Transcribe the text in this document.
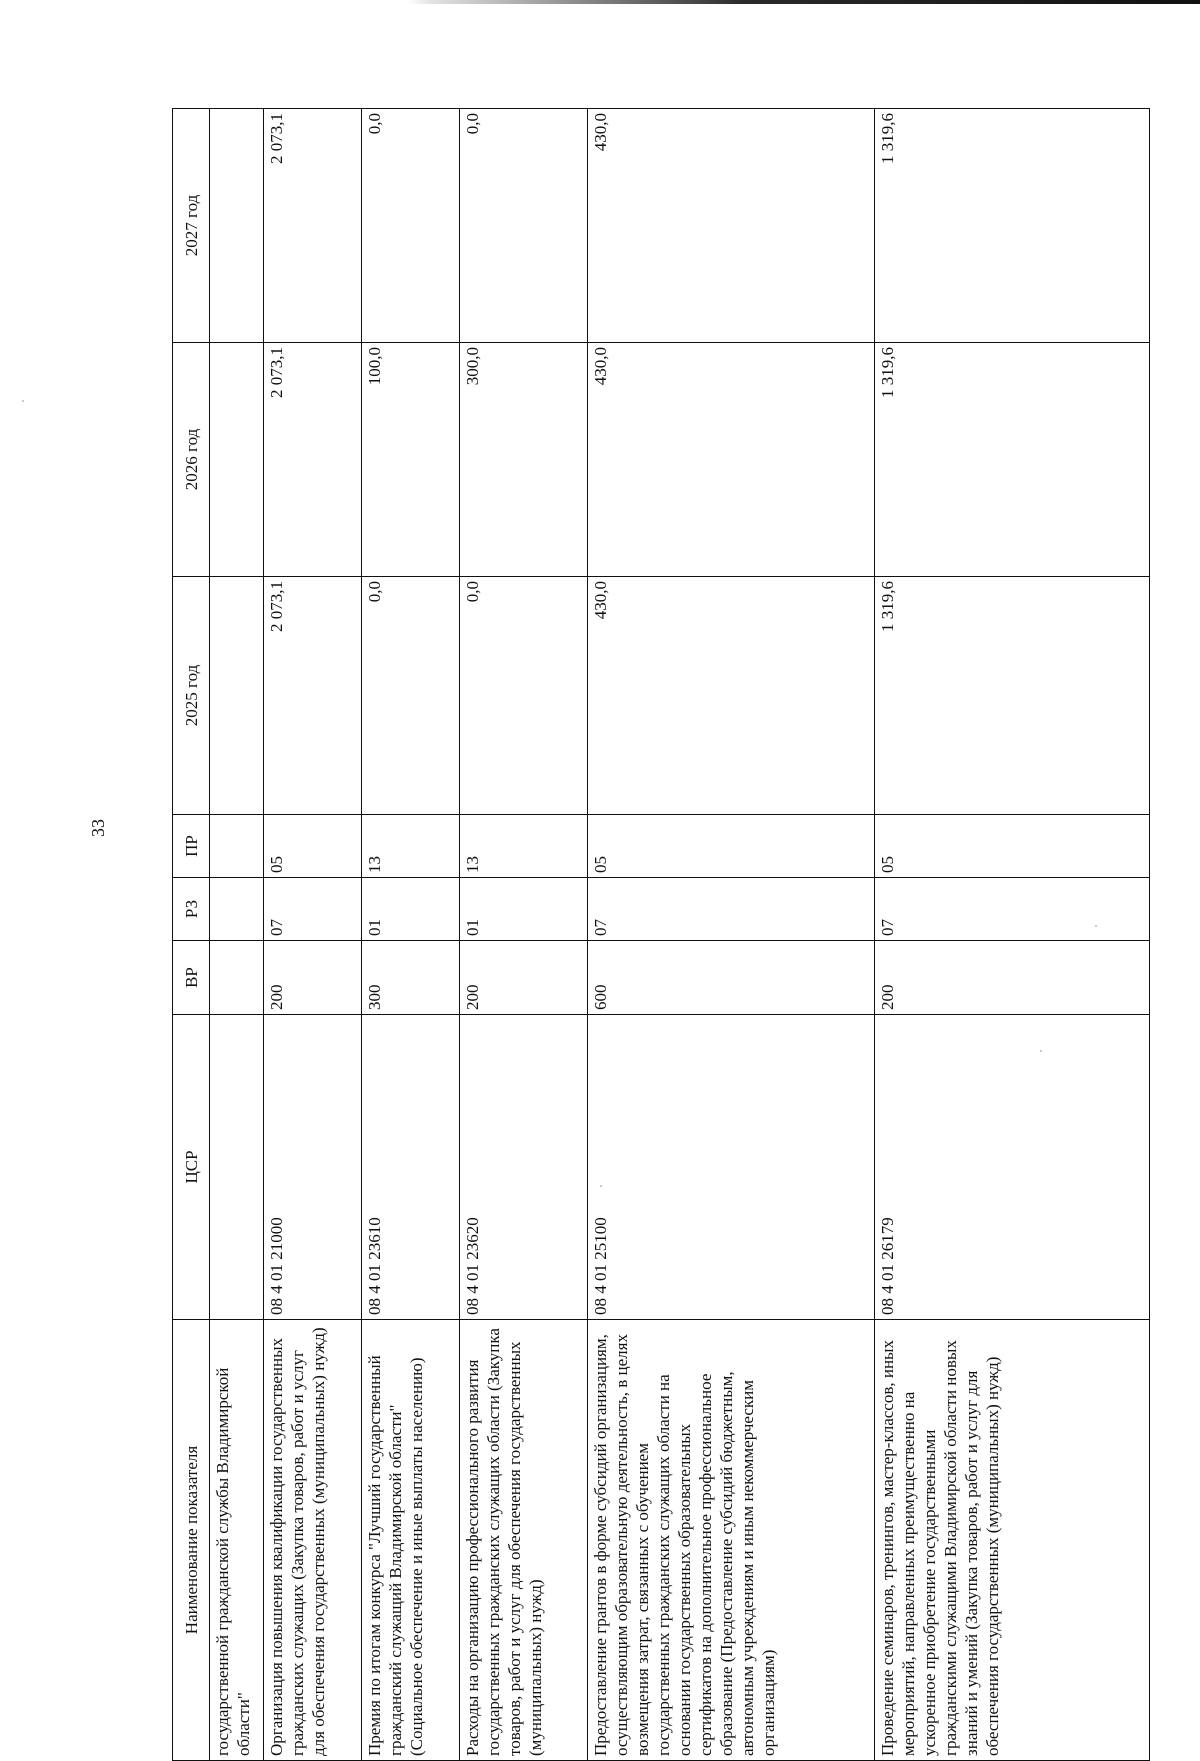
33
Наименование показателя	ЦСР	ВР	РЗ	ПР	2025 год	2026 год	2027 год
государственной гражданской службы Владимирской области"							
Организация повышения квалификации государственных гражданских служащих (Закупка товаров, работ и услуг для обеспечения государственных (муниципальных) нужд)	08 4 01 21000	200	07	05	2 073,1	2 073,1	2 073,1
Премия по итогам конкурса "Лучший государственный гражданский служащий Владимирской области" (Социальное обеспечение и иные выплаты населению)	08 4 01 23610	300	01	13	0,0	100,0	0,0
Расходы на организацию профессионального развития государственных гражданских служащих области (Закупка товаров, работ и услуг для обеспечения государственных (муниципальных) нужд)	08 4 01 23620	200	01	13	0,0	300,0	0,0
Предоставление грантов в форме субсидий организациям, осуществляющим образовательную деятельность, в целях возмещения затрат, связанных с обучением государственных гражданских служащих области на основании государственных образовательных сертификатов на дополнительное профессиональное образование (Предоставление субсидий бюджетным, автономным учреждениям и иным некоммерческим организациям)	08 4 01 25100	600	07	05	430,0	430,0	430,0
Проведение семинаров, тренингов, мастер-классов, иных мероприятий, направленных преимущественно на ускоренное приобретение государственными гражданскими служащими Владимирской области новых знаний и умений (Закупка товаров, работ и услуг для обеспечения государственных (муниципальных) нужд)	08 4 01 26179	200	07	05	1 319,6	1 319,6	1 319,6
